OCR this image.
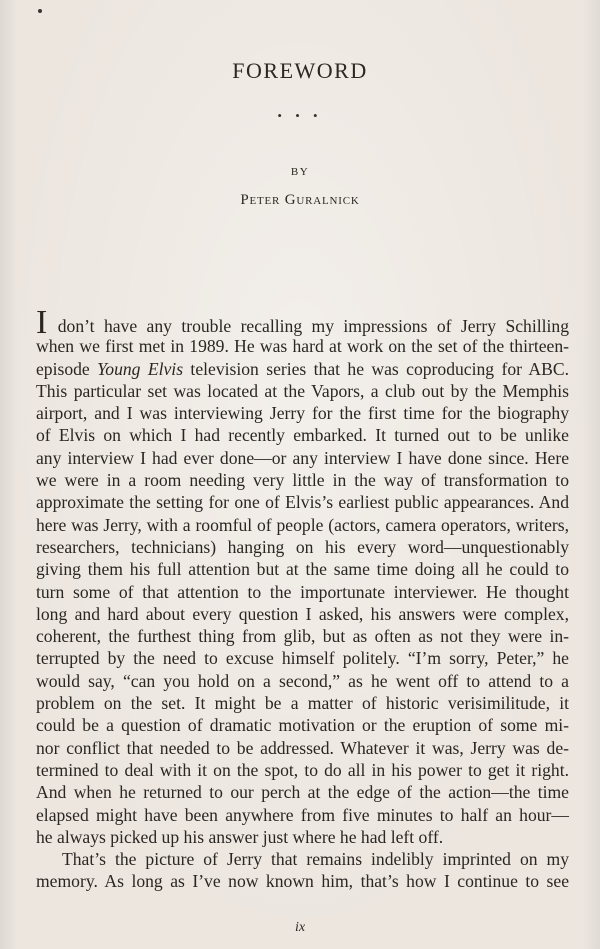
FOREWORD
• • •
BY
Peter Guralnick
I don’t have any trouble recalling my impressions of Jerry Schilling
when we first met in 1989. He was hard at work on the set of the thirteen-
episode Young Elvis television series that he was coproducing for ABC.
This particular set was located at the Vapors, a club out by the Memphis
airport, and I was interviewing Jerry for the first time for the biography
of Elvis on which I had recently embarked. It turned out to be unlike
any interview I had ever done—or any interview I have done since. Here
we were in a room needing very little in the way of transformation to
approximate the setting for one of Elvis’s earliest public appearances. And
here was Jerry, with a roomful of people (actors, camera operators, writers,
researchers, technicians) hanging on his every word—unquestionably
giving them his full attention but at the same time doing all he could to
turn some of that attention to the importunate interviewer. He thought
long and hard about every question I asked, his answers were complex,
coherent, the furthest thing from glib, but as often as not they were in-
terrupted by the need to excuse himself politely. “I’m sorry, Peter,” he
would say, “can you hold on a second,” as he went off to attend to a
problem on the set. It might be a matter of historic verisimilitude, it
could be a question of dramatic motivation or the eruption of some mi-
nor conflict that needed to be addressed. Whatever it was, Jerry was de-
termined to deal with it on the spot, to do all in his power to get it right.
And when he returned to our perch at the edge of the action—the time
elapsed might have been anywhere from five minutes to half an hour—
he always picked up his answer just where he had left off.
That’s the picture of Jerry that remains indelibly imprinted on my
memory. As long as I’ve now known him, that’s how I continue to see
ix
